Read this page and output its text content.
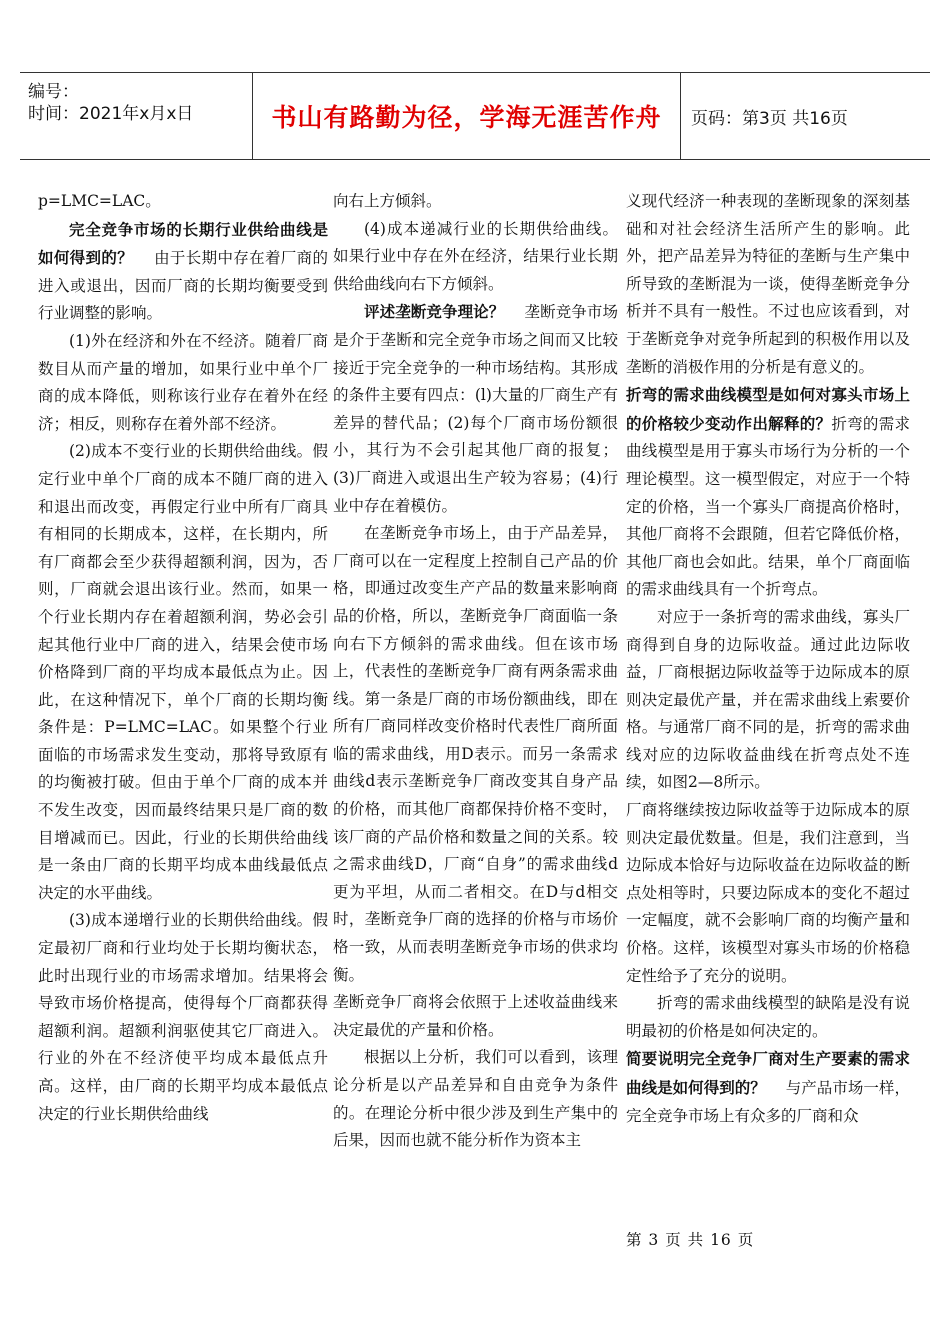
编号：
时间：2021年x月x日	书山有路勤为径，学海无涯苦作舟 页码：第3页 共16页

p=LMC=LAC。

完全竞争市场的长期行业供给曲线是如何得到的？ 由于长期中存在着厂商的进入或退出，因而厂商的长期均衡要受到行业调整的影响。

(1)外在经济和外在不经济。随着厂商数目从而产量的增加，如果行业中单个厂商的成本降低，则称该行业存在着外在经济；相反，则称存在着外部不经济。

(2)成本不变行业的长期供给曲线。假定行业中单个厂商的成本不随厂商的进入和退出而改变，再假定行业中所有厂商具有相同的长期成本，这样，在长期内，所有厂商都会至少获得超额利润，因为，否则，厂商就会退出该行业。然而，如果一个行业长期内存在着超额利润，势必会引起其他行业中厂商的进入，结果会使市场价格降到厂商的平均成本最低点为止。因此，在这种情况下，单个厂商的长期均衡条件是：P=LMC=LAC。如果整个行业面临的市场需求发生变动，那将导致原有的均衡被打破。但由于单个厂商的成本并不发生改变，因而最终结果只是厂商的数目增减而已。因此，行业的长期供给曲线是一条由厂商的长期平均成本曲线最低点决定的水平曲线。

(3)成本递增行业的长期供给曲线。假定最初厂商和行业均处于长期均衡状态，此时出现行业的市场需求增加。结果将会导致市场价格提高，使得每个厂商都获得超额利润。超额利润驱使其它厂商进入。行业的外在不经济使平均成本最低点升高。这样，由厂商的长期平均成本最低点决定的行业长期供给曲线

向右上方倾斜。

(4)成本递减行业的长期供给曲线。如果行业中存在外在经济，结果行业长期供给曲线向右下方倾斜。

评述垄断竞争理论？ 垄断竞争市场是介于垄断和完全竞争市场之间而又比较接近于完全竞争的一种市场结构。其形成的条件主要有四点：(l)大量的厂商生产有差异的替代品；(2)每个厂商市场份额很小，其行为不会引起其他厂商的报复；(3)厂商进入或退出生产较为容易；(4)行业中存在着模仿。

在垄断竞争市场上，由于产品差异，厂商可以在一定程度上控制自己产品的价格，即通过改变生产产品的数量来影响商品的价格，所以，垄断竞争厂商面临一条向右下方倾斜的需求曲线。但在该市场上，代表性的垄断竞争厂商有两条需求曲线。第一条是厂商的市场份额曲线，即在所有厂商同样改变价格时代表性厂商所面临的需求曲线，用D表示。而另一条需求曲线d表示垄断竞争厂商改变其自身产品的价格，而其他厂商都保持价格不变时，该厂商的产品价格和数量之间的关系。较之需求曲线D，厂商“自身”的需求曲线d更为平坦，从而二者相交。在D与d相交时，垄断竞争厂商的选择的价格与市场价格一致，从而表明垄断竞争市场的供求均衡。

垄断竞争厂商将会依照于上述收益曲线来决定最优的产量和价格。

根据以上分析，我们可以看到，该理论分析是以产品差异和自由竞争为条件的。在理论分析中很少涉及到生产集中的后果，因而也就不能分析作为资本主

义现代经济一种表现的垄断现象的深刻基础和对社会经济生活所产生的影响。此外，把产品差异为特征的垄断与生产集中所导致的垄断混为一谈，使得垄断竞争分析并不具有一般性。不过也应该看到，对于垄断竞争对竞争所起到的积极作用以及垄断的消极作用的分析是有意义的。

折弯的需求曲线模型是如何对寡头市场上的价格较少变动作出解释的？折弯的需求曲线模型是用于寡头市场行为分析的一个理论模型。这一模型假定，对应于一个特定的价格，当一个寡头厂商提高价格时，其他厂商将不会跟随，但若它降低价格，其他厂商也会如此。结果，单个厂商面临的需求曲线具有一个折弯点。

对应于一条折弯的需求曲线，寡头厂商得到自身的边际收益。通过此边际收益，厂商根据边际收益等于边际成本的原则决定最优产量，并在需求曲线上索要价格。与通常厂商不同的是，折弯的需求曲线对应的边际收益曲线在折弯点处不连续，如图2—8所示。

厂商将继续按边际收益等于边际成本的原则决定最优数量。但是，我们注意到，当边际成本恰好与边际收益在边际收益的断点处相等时，只要边际成本的变化不超过一定幅度，就不会影响厂商的均衡产量和价格。这样，该模型对寡头市场的价格稳定性给予了充分的说明。

折弯的需求曲线模型的缺陷是没有说明最初的价格是如何决定的。

简要说明完全竞争厂商对生产要素的需求曲线是如何得到的？ 与产品市场一样，完全竞争市场上有众多的厂商和众

第 3 页 共 16 页
